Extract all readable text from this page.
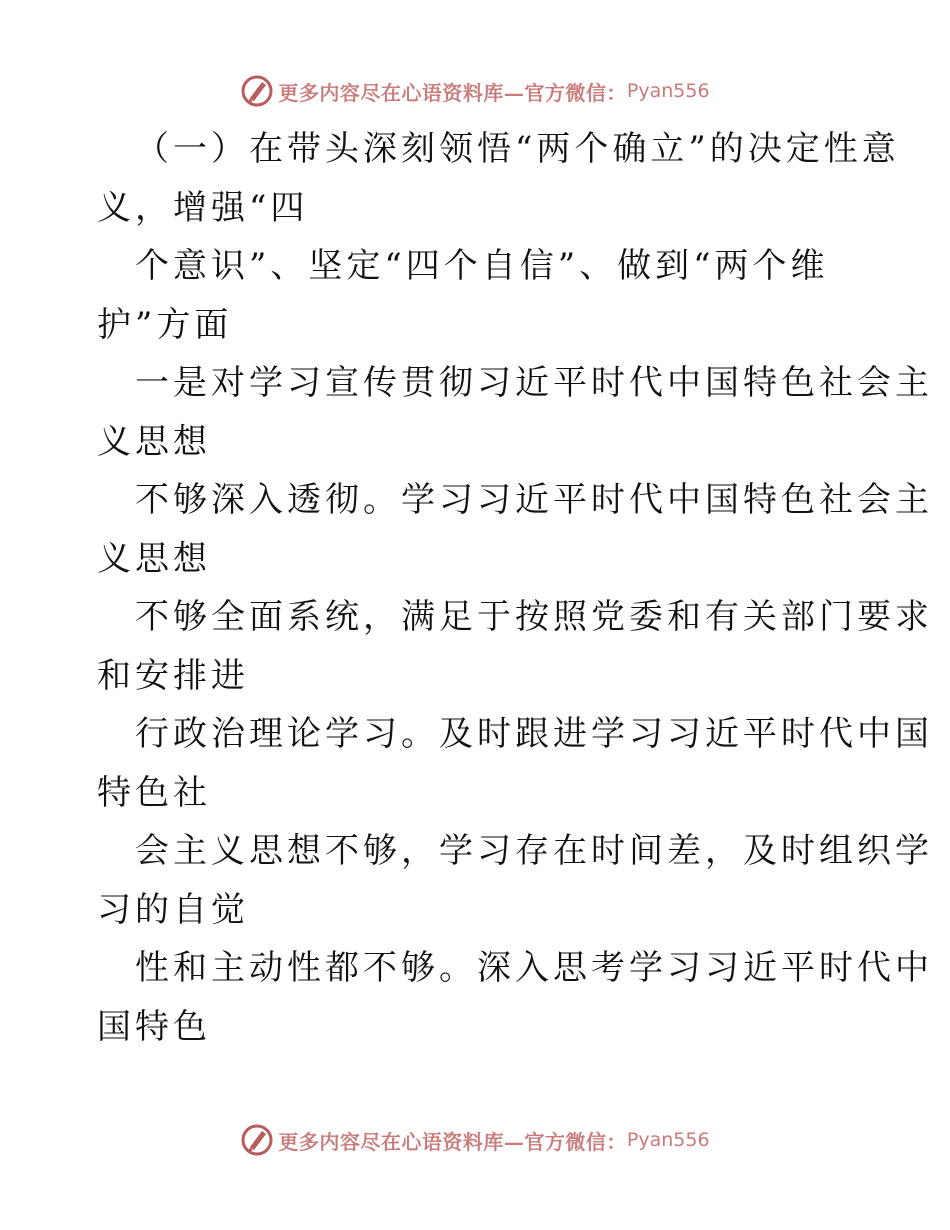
更多内容尽在心语资料库—官方微信： Pyan556
（一）在带头深刻领悟“两个确立”的决定性意
义，增强“四
个意识”、坚定“四个自信”、做到“两个维
护”方面
一是对学习宣传贯彻习近平时代中国特色社会主
义思想
不够深入透彻。学习习近平时代中国特色社会主
义思想
不够全面系统，满足于按照党委和有关部门要求
和安排进
行政治理论学习。及时跟进学习习近平时代中国
特色社
会主义思想不够，学习存在时间差，及时组织学
习的自觉
性和主动性都不够。深入思考学习习近平时代中
国特色
更多内容尽在心语资料库—官方微信： Pyan556
